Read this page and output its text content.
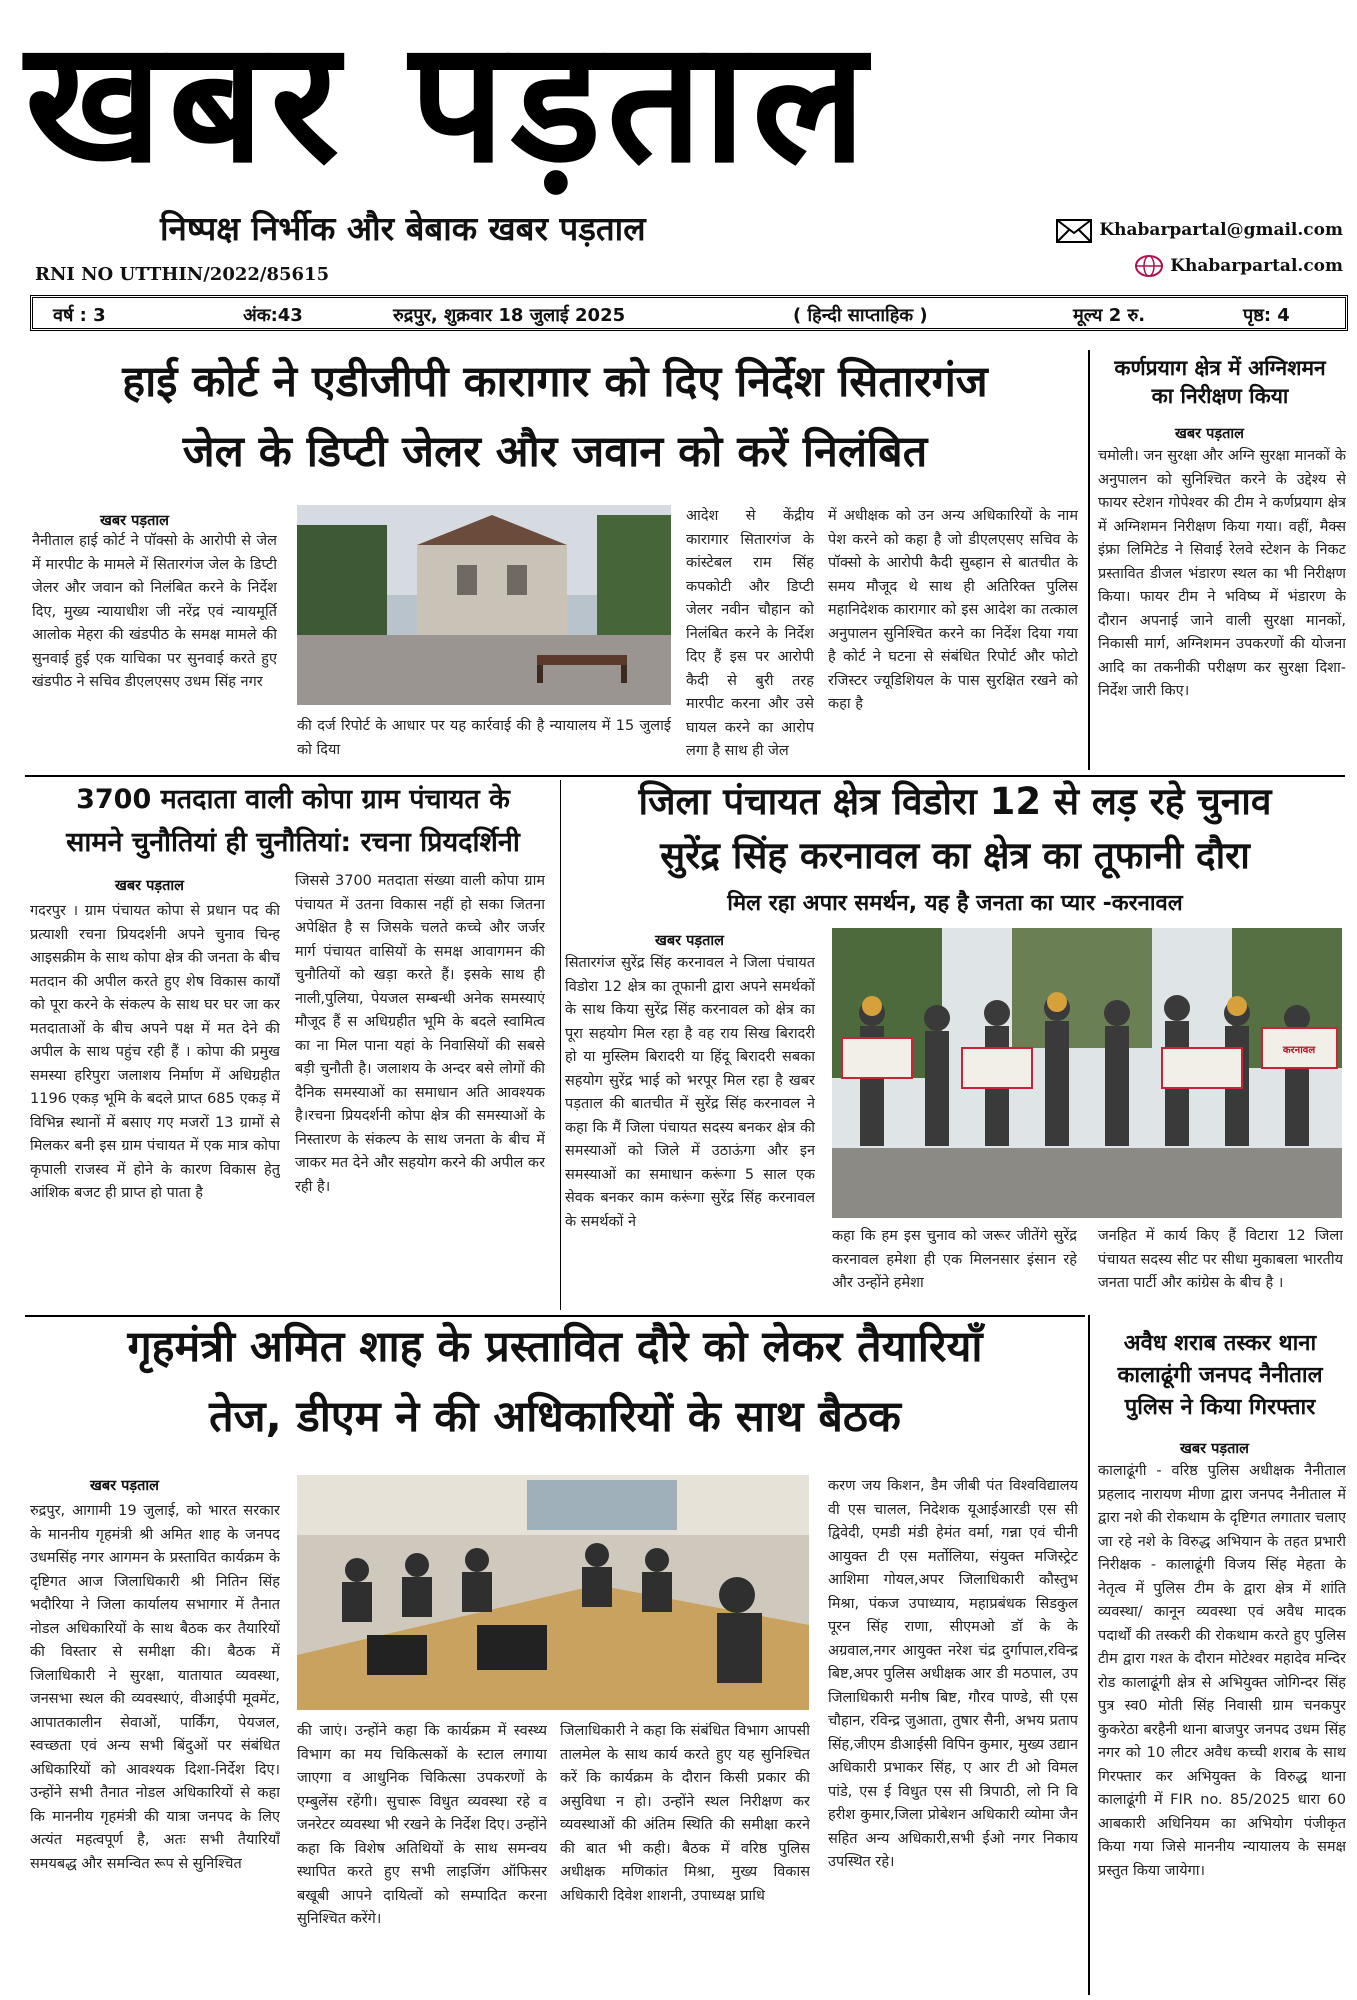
खबर पड़ताल
निष्पक्ष निर्भीक और बेबाक खबर पड़ताल	Khabarpartal@gmail.com
Khabarpartal.com
RNI NO UTTHIN/2022/85615
वर्ष : 3	अंक:43	रुद्रपुर, शुक्रवार 18 जुलाई 2025	( हिन्दी साप्ताहिक )	मूल्य 2 रु.	पृष्ठ: 4
हाई कोर्ट ने एडीजीपी कारागार को दिए निर्देश सितारगंज
जेल के डिप्टी जेलर और जवान को करें निलंबित
खबर पड़ताल
नैनीताल हाई कोर्ट ने पॉक्सो के आरोपी से जेल में मारपीट के मामले में सितारगंज जेल के डिप्टी जेलर और जवान को निलंबित करने के निर्देश दिए, मुख्य न्यायाधीश जी नरेंद्र एवं न्यायमूर्ति आलोक मेहरा की खंडपीठ के समक्ष मामले की सुनवाई हुई एक याचिका पर सुनवाई करते हुए खंडपीठ ने सचिव डीएलएसए उधम सिंह नगर
की दर्ज रिपोर्ट के आधार पर यह कार्रवाई की है न्यायालय में 15 जुलाई को दिया
आदेश से केंद्रीय कारागार सितारगंज के कांस्टेबल राम सिंह कपकोटी और डिप्टी जेलर नवीन चौहान को निलंबित करने के निर्देश दिए हैं इस पर आरोपी कैदी से बुरी तरह मारपीट करना और उसे घायल करने का आरोप लगा है साथ ही जेल
में अधीक्षक को उन अन्य अधिकारियों के नाम पेश करने को कहा है जो डीएलएसए सचिव के पॉक्सो के आरोपी कैदी सुब्हान से बातचीत के समय मौजूद थे साथ ही अतिरिक्त पुलिस महानिदेशक कारागार को इस आदेश का तत्काल अनुपालन सुनिश्चित करने का निर्देश दिया गया है कोर्ट ने घटना से संबंधित रिपोर्ट और फोटो रजिस्टर ज्यूडिशियल के पास सुरक्षित रखने को कहा है
कर्णप्रयाग क्षेत्र में अग्निशमन
का निरीक्षण किया
खबर पड़ताल
चमोली। जन सुरक्षा और अग्नि सुरक्षा मानकों के अनुपालन को सुनिश्चित करने के उद्देश्य से फायर स्टेशन गोपेश्वर की टीम ने कर्णप्रयाग क्षेत्र में अग्निशमन निरीक्षण किया गया। वहीं, मैक्स इंफ्रा लिमिटेड ने सिवाई रेलवे स्टेशन के निकट प्रस्तावित डीजल भंडारण स्थल का भी निरीक्षण किया। फायर टीम ने भविष्य में भंडारण के दौरान अपनाई जाने वाली सुरक्षा मानकों, निकासी मार्ग, अग्निशमन उपकरणों की योजना आदि का तकनीकी परीक्षण कर सुरक्षा दिशा-निर्देश जारी किए।
3700 मतदाता वाली कोपा ग्राम पंचायत के
सामने चुनौतियां ही चुनौतियां: रचना प्रियदर्शिनी
खबर पड़ताल
गदरपुर । ग्राम पंचायत कोपा से प्रधान पद की प्रत्याशी रचना प्रियदर्शनी अपने चुनाव चिन्ह आइसक्रीम के साथ कोपा क्षेत्र की जनता के बीच मतदान की अपील करते हुए शेष विकास कार्यों को पूरा करने के संकल्प के साथ घर घर जा कर मतदाताओं के बीच अपने पक्ष में मत देने की अपील के साथ पहुंच रही हैं । कोपा की प्रमुख समस्या हरिपुरा जलाशय निर्माण में अधिग्रहीत 1196 एकड़ भूमि के बदले प्राप्त 685 एकड़ में विभिन्न स्थानों में बसाए गए मजरों 13 ग्रामों से मिलकर बनी इस ग्राम पंचायत में एक मात्र कोपा कृपाली राजस्व में होने के कारण विकास हेतु आंशिक बजट ही प्राप्त हो पाता है
जिससे 3700 मतदाता संख्या वाली कोपा ग्राम पंचायत में उतना विकास नहीं हो सका जितना अपेक्षित है स जिसके चलते कच्चे और जर्जर मार्ग पंचायत वासियों के समक्ष आवागमन की चुनौतियों को खड़ा करते हैं। इसके साथ ही नाली,पुलिया, पेयजल सम्बन्धी अनेक समस्याएं मौजूद हैं स अधिग्रहीत भूमि के बदले स्वामित्व का ना मिल पाना यहां के निवासियों की सबसे बड़ी चुनौती है। जलाशय के अन्दर बसे लोगों की दैनिक समस्याओं का समाधान अति आवश्यक है।रचना प्रियदर्शनी कोपा क्षेत्र की समस्याओं के निस्तारण के संकल्प के साथ जनता के बीच में जाकर मत देने और सहयोग करने की अपील कर रही है।
जिला पंचायत क्षेत्र विडोरा 12 से लड़ रहे चुनाव
सुरेंद्र सिंह करनावल का क्षेत्र का तूफानी दौरा
मिल रहा अपार समर्थन, यह है जनता का प्यार -करनावल
खबर पड़ताल
सितारगंज सुरेंद्र सिंह करनावल ने जिला पंचायत विडोरा 12 क्षेत्र का तूफानी द्वारा अपने समर्थकों के साथ किया सुरेंद्र सिंह करनावल को क्षेत्र का पूरा सहयोग मिल रहा है वह राय सिख बिरादरी हो या मुस्लिम बिरादरी या हिंदू बिरादरी सबका सहयोग सुरेंद्र भाई को भरपूर मिल रहा है खबर पड़ताल की बातचीत में सुरेंद्र सिंह करनावल ने कहा कि मैं जिला पंचायत सदस्य बनकर क्षेत्र की समस्याओं को जिले में उठाऊंगा और इन समस्याओं का समाधान करूंगा 5 साल एक सेवक बनकर काम करूंगा सुरेंद्र सिंह करनावल के समर्थकों ने
करनावल
कहा कि हम इस चुनाव को जरूर जीतेंगे सुरेंद्र करनावल हमेशा ही एक मिलनसार इंसान रहे और उन्होंने हमेशा
जनहित में कार्य किए हैं विटारा 12 जिला पंचायत सदस्य सीट पर सीधा मुकाबला भारतीय जनता पार्टी और कांग्रेस के बीच है ।
गृहमंत्री अमित शाह के प्रस्तावित दौरे को लेकर तैयारियाँ
तेज, डीएम ने की अधिकारियों के साथ बैठक
खबर पड़ताल
रुद्रपुर, आगामी 19 जुलाई, को भारत सरकार के माननीय गृहमंत्री श्री अमित शाह के जनपद उधमसिंह नगर आगमन के प्रस्तावित कार्यक्रम के दृष्टिगत आज जिलाधिकारी श्री नितिन सिंह भदौरिया ने जिला कार्यालय सभागार में तैनात नोडल अधिकारियों के साथ बैठक कर तैयारियों की विस्तार से समीक्षा की। बैठक में जिलाधिकारी ने सुरक्षा, यातायात व्यवस्था, जनसभा स्थल की व्यवस्थाएं, वीआईपी मूवमेंट, आपातकालीन सेवाओं, पार्किंग, पेयजल, स्वच्छता एवं अन्य सभी बिंदुओं पर संबंधित अधिकारियों को आवश्यक दिशा-निर्देश दिए। उन्होंने सभी तैनात नोडल अधिकारियों से कहा कि माननीय गृहमंत्री की यात्रा जनपद के लिए अत्यंत महत्वपूर्ण है, अतः सभी तैयारियाँ समयबद्ध और समन्वित रूप से सुनिश्चित
की जाएं। उन्होंने कहा कि कार्यक्रम में स्वस्थ्य विभाग का मय चिकित्सकों के स्टाल लगाया जाएगा व आधुनिक चिकित्सा उपकरणों के एम्बुलेंस रहेंगी। सुचारू विधुत व्यवस्था रहे व जनरेटर व्यवस्था भी रखने के निर्देश दिए। उन्होंने कहा कि विशेष अतिथियों के साथ समन्वय स्थापित करते हुए सभी लाइजिंग ऑफिसर बखूबी आपने दायित्वों को सम्पादित करना सुनिश्चित करेंगे।
जिलाधिकारी ने कहा कि संबंधित विभाग आपसी तालमेल के साथ कार्य करते हुए यह सुनिश्चित करें कि कार्यक्रम के दौरान किसी प्रकार की असुविधा न हो। उन्होंने स्थल निरीक्षण कर व्यवस्थाओं की अंतिम स्थिति की समीक्षा करने की बात भी कही। बैठक में वरिष्ठ पुलिस अधीक्षक मणिकांत मिश्रा, मुख्य विकास अधिकारी दिवेश शाशनी, उपाध्यक्ष प्राधि
करण जय किशन, डैम जीबी पंत विश्वविद्यालय वी एस चालल, निदेशक यूआईआरडी एस सी द्विवेदी, एमडी मंडी हेमंत वर्मा, गन्ना एवं चीनी आयुक्त टी एस मर्तोलिया, संयुक्त मजिस्ट्रेट आशिमा गोयल,अपर जिलाधिकारी कौस्तुभ मिश्रा, पंकज उपाध्याय, महाप्रबंधक सिडकुल पूरन सिंह राणा, सीएमओ डॉ के के अग्रवाल,नगर आयुक्त नरेश चंद्र दुर्गापाल,रविन्द्र बिष्ट,अपर पुलिस अधीक्षक आर डी मठपाल, उप जिलाधिकारी मनीष बिष्ट, गौरव पाण्डे, सी एस चौहान, रविन्द्र जुआता, तुषार सैनी, अभय प्रताप सिंह,जीएम डीआईसी विपिन कुमार, मुख्य उद्यान अधिकारी प्रभाकर सिंह, ए आर टी ओ विमल पांडे, एस ई विधुत एस सी त्रिपाठी, लो नि वि हरीश कुमार,जिला प्रोबेशन अधिकारी व्योमा जैन सहित अन्य अधिकारी,सभी ईओ नगर निकाय उपस्थित रहे।
अवैध शराब तस्कर थाना
कालाढूंगी जनपद नैनीताल
पुलिस ने किया गिरफ्तार
खबर पड़ताल
कालाढूंगी - वरिष्ठ पुलिस अधीक्षक नैनीताल प्रहलाद नारायण मीणा द्वारा जनपद नैनीताल में द्वारा नशे की रोकथाम के दृष्टिगत लगातार चलाए जा रहे नशे के विरुद्ध अभियान के तहत प्रभारी निरीक्षक - कालाढूंगी विजय सिंह मेहता के नेतृत्व में पुलिस टीम के द्वारा क्षेत्र में शांति व्यवस्था/ कानून व्यवस्था एवं अवैध मादक पदार्थों की तस्करी की रोकथाम करते हुए पुलिस टीम द्वारा गश्त के दौरान मोटेश्वर महादेव मन्दिर रोड कालाढूंगी क्षेत्र से अभियुक्त जोगिन्दर सिंह पुत्र स्व0 मोती सिंह निवासी ग्राम चनकपुर कुकरेठा बरहैनी थाना बाजपुर जनपद उधम सिंह नगर को 10 लीटर अवैध कच्ची शराब के साथ गिरफ्तार कर अभियुक्त के विरुद्ध थाना कालाढूंगी में FIR no. 85/2025 धारा 60 आबकारी अधिनियम का अभियोग पंजीकृत किया गया जिसे माननीय न्यायालय के समक्ष प्रस्तुत किया जायेगा।
